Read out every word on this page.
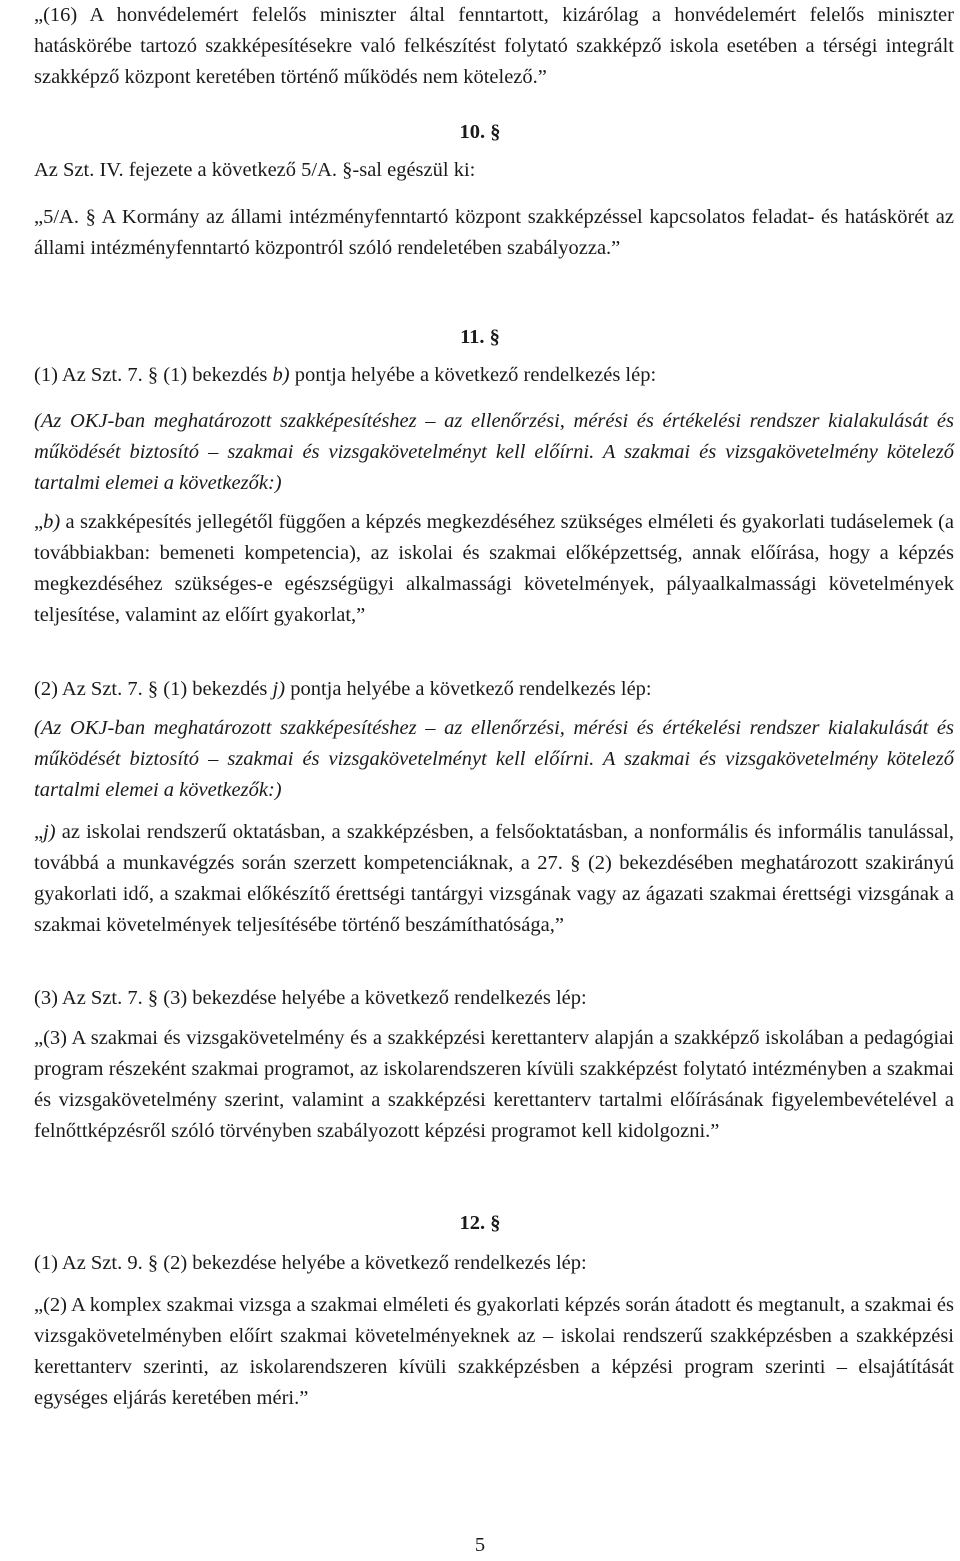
„(16) A honvédelemért felelős miniszter által fenntartott, kizárólag a honvédelemért felelős miniszter hatáskörébe tartozó szakképesítésekre való felkészítést folytató szakképző iskola esetében a térségi integrált szakképző központ keretében történő működés nem kötelező.”

10. §

Az Szt. IV. fejezete a következő 5/A. §-sal egészül ki:

„5/A. § A Kormány az állami intézményfenntartó központ szakképzéssel kapcsolatos feladat- és hatáskörét az állami intézményfenntartó központról szóló rendeletében szabályozza.”

11. §

(1) Az Szt. 7. § (1) bekezdés b) pontja helyébe a következő rendelkezés lép:

(Az OKJ-ban meghatározott szakképesítéshez – az ellenőrzési, mérési és értékelési rendszer kialakulását és működését biztosító – szakmai és vizsgakövetelményt kell előírni. A szakmai és vizsgakövetelmény kötelező tartalmi elemei a következők:)

„b) a szakképesítés jellegétől függően a képzés megkezdéséhez szükséges elméleti és gyakorlati tudáselemek (a továbbiakban: bemeneti kompetencia), az iskolai és szakmai előképzettség, annak előírása, hogy a képzés megkezdéséhez szükséges-e egészségügyi alkalmassági követelmények, pályaalkalmassági követelmények teljesítése, valamint az előírt gyakorlat,”

(2) Az Szt. 7. § (1) bekezdés j) pontja helyébe a következő rendelkezés lép:

(Az OKJ-ban meghatározott szakképesítéshez – az ellenőrzési, mérési és értékelési rendszer kialakulását és működését biztosító – szakmai és vizsgakövetelményt kell előírni. A szakmai és vizsgakövetelmény kötelező tartalmi elemei a következők:)

„j) az iskolai rendszerű oktatásban, a szakképzésben, a felsőoktatásban, a nonformális és informális tanulással, továbbá a munkavégzés során szerzett kompetenciáknak, a 27. § (2) bekezdésében meghatározott szakirányú gyakorlati idő, a szakmai előkészítő érettségi tantárgyi vizsgának vagy az ágazati szakmai érettségi vizsgának a szakmai követelmények teljesítésébe történő beszámíthatósága,”

(3) Az Szt. 7. § (3) bekezdése helyébe a következő rendelkezés lép:

„(3) A szakmai és vizsgakövetelmény és a szakképzési kerettanterv alapján a szakképző iskolában a pedagógiai program részeként szakmai programot, az iskolarendszeren kívüli szakképzést folytató intézményben a szakmai és vizsgakövetelmény szerint, valamint a szakképzési kerettanterv tartalmi előírásának figyelembevételével a felnőttképzésről szóló törvényben szabályozott képzési programot kell kidolgozni.”

12. §

(1) Az Szt. 9. § (2) bekezdése helyébe a következő rendelkezés lép:

„(2) A komplex szakmai vizsga a szakmai elméleti és gyakorlati képzés során átadott és megtanult, a szakmai és vizsgakövetelményben előírt szakmai követelményeknek az – iskolai rendszerű szakképzésben a szakképzési kerettanterv szerinti, az iskolarendszeren kívüli szakképzésben a képzési program szerinti – elsajátítását egységes eljárás keretében méri.”

5
